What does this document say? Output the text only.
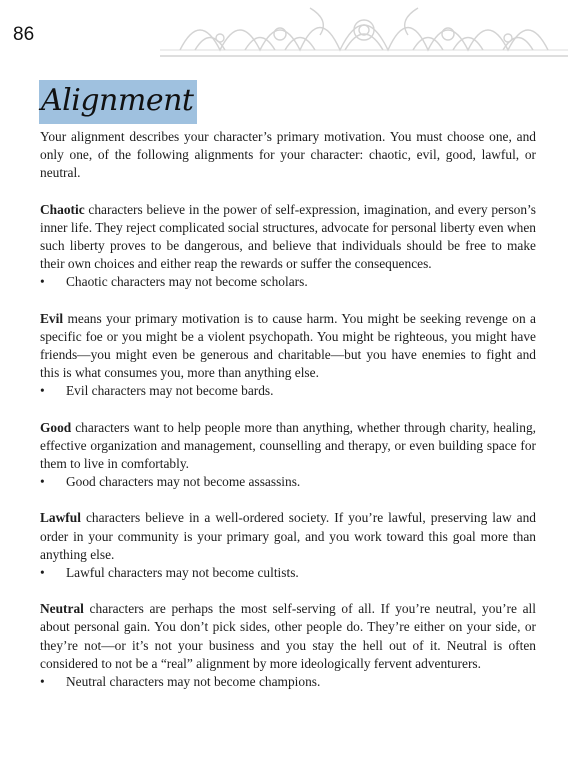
86
Alignment

Your alignment describes your character’s primary motivation. You must choose one, and only one, of the following alignments for your character: chaotic, evil, good, lawful, or neutral.

Chaotic characters believe in the power of self-expression, imagination, and every person’s inner life. They reject complicated social structures, advocate for personal liberty even when such liberty proves to be dangerous, and believe that individuals should be free to make their own choices and either reap the rewards or suffer the consequences.

•	Chaotic characters may not become scholars.

Evil means your primary motivation is to cause harm. You might be seeking revenge on a specific foe or you might be a violent psychopath. You might be righteous, you might have friends—you might even be generous and charitable—but you have enemies to fight and this is what consumes you, more than anything else.

•	Evil characters may not become bards.

Good characters want to help people more than anything, whether through charity, healing, effective organization and management, counselling and therapy, or even building space for them to live in comfortably.

•	Good characters may not become assassins.

Lawful characters believe in a well-ordered society. If you’re lawful, preserving law and order in your community is your primary goal, and you work toward this goal more than anything else.

•	Lawful characters may not become cultists.

Neutral characters are perhaps the most self-serving of all. If you’re neutral, you’re all about personal gain. You don’t pick sides, other people do. They’re either on your side, or they’re not—or it’s not your business and you stay the hell out of it. Neutral is often considered to not be a “real” alignment by more ideologically fervent adventurers.

•	Neutral characters may not become champions.
